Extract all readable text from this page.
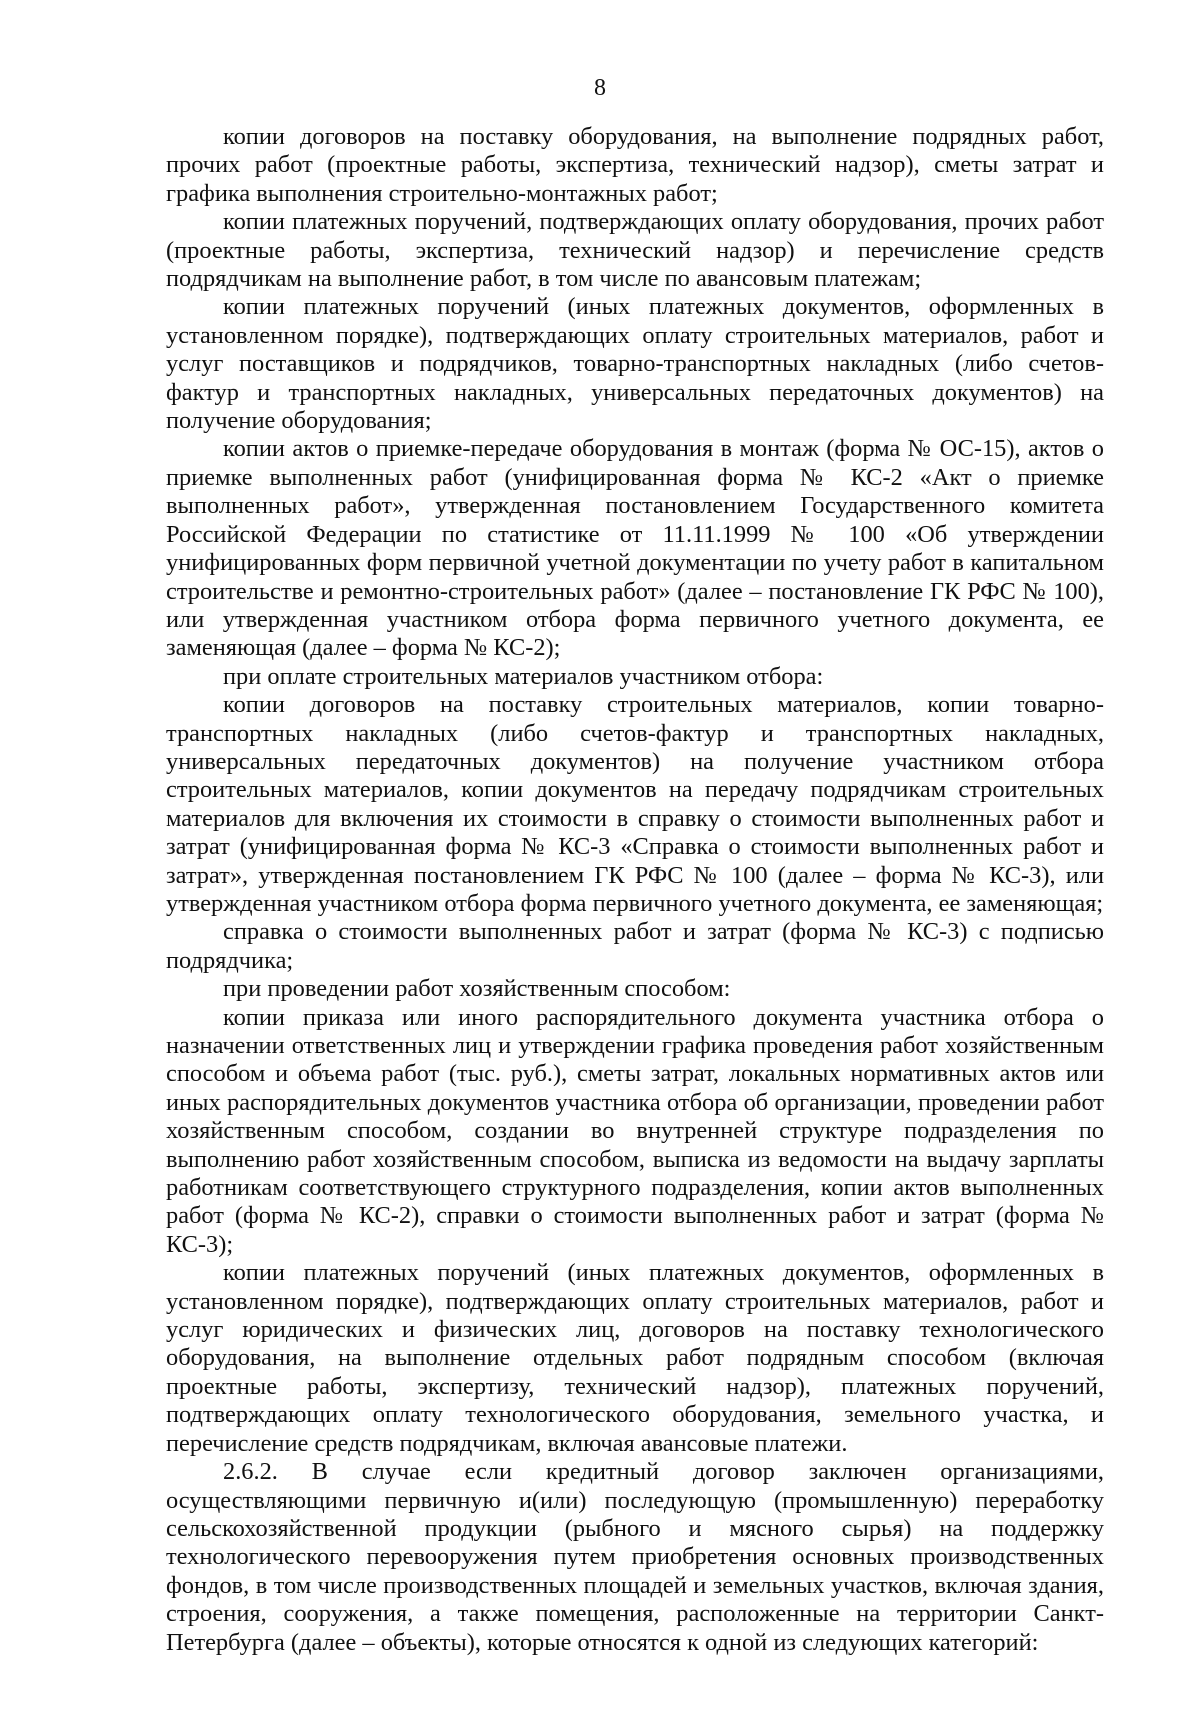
8

копии договоров на поставку оборудования, на выполнение подрядных работ, прочих работ (проектные работы, экспертиза, технический надзор), сметы затрат и графика выполнения строительно-монтажных работ;

копии платежных поручений, подтверждающих оплату оборудования, прочих работ (проектные работы, экспертиза, технический надзор) и перечисление средств подрядчикам на выполнение работ, в том числе по авансовым платежам;

копии платежных поручений (иных платежных документов, оформленных в установленном порядке), подтверждающих оплату строительных материалов, работ и услуг поставщиков и подрядчиков, товарно-транспортных накладных (либо счетов-фактур и транспортных накладных, универсальных передаточных документов) на получение оборудования;

копии актов о приемке-передаче оборудования в монтаж (форма № ОС-15), актов о приемке выполненных работ (унифицированная форма № КС-2 «Акт о приемке выполненных работ», утвержденная постановлением Государственного комитета Российской Федерации по статистике от 11.11.1999 № 100 «Об утверждении унифицированных форм первичной учетной документации по учету работ в капитальном строительстве и ремонтно-строительных работ» (далее – постановление ГК РФС № 100), или утвержденная участником отбора форма первичного учетного документа, ее заменяющая (далее – форма № КС-2);

при оплате строительных материалов участником отбора:

копии договоров на поставку строительных материалов, копии товарно-транспортных накладных (либо счетов-фактур и транспортных накладных, универсальных передаточных документов) на получение участником отбора строительных материалов, копии документов на передачу подрядчикам строительных материалов для включения их стоимости в справку о стоимости выполненных работ и затрат (унифицированная форма № КС-3 «Справка о стоимости выполненных работ и затрат», утвержденная постановлением ГК РФС № 100 (далее – форма № КС-3), или утвержденная участником отбора форма первичного учетного документа, ее заменяющая;

справка о стоимости выполненных работ и затрат (форма № КС-3) с подписью подрядчика;

при проведении работ хозяйственным способом:

копии приказа или иного распорядительного документа участника отбора о назначении ответственных лиц и утверждении графика проведения работ хозяйственным способом и объема работ (тыс. руб.), сметы затрат, локальных нормативных актов или иных распорядительных документов участника отбора об организации, проведении работ хозяйственным способом, создании во внутренней структуре подразделения по выполнению работ хозяйственным способом, выписка из ведомости на выдачу зарплаты работникам соответствующего структурного подразделения, копии актов выполненных работ (форма № КС-2), справки о стоимости выполненных работ и затрат (форма № КС-3);

копии платежных поручений (иных платежных документов, оформленных в установленном порядке), подтверждающих оплату строительных материалов, работ и услуг юридических и физических лиц, договоров на поставку технологического оборудования, на выполнение отдельных работ подрядным способом (включая проектные работы, экспертизу, технический надзор), платежных поручений, подтверждающих оплату технологического оборудования, земельного участка, и перечисление средств подрядчикам, включая авансовые платежи.

2.6.2. В случае если кредитный договор заключен организациями, осуществляющими первичную и(или) последующую (промышленную) переработку сельскохозяйственной продукции (рыбного и мясного сырья) на поддержку технологического перевооружения путем приобретения основных производственных фондов, в том числе производственных площадей и земельных участков, включая здания, строения, сооружения, а также помещения, расположенные на территории Санкт-Петербурга (далее – объекты), которые относятся к одной из следующих категорий:
